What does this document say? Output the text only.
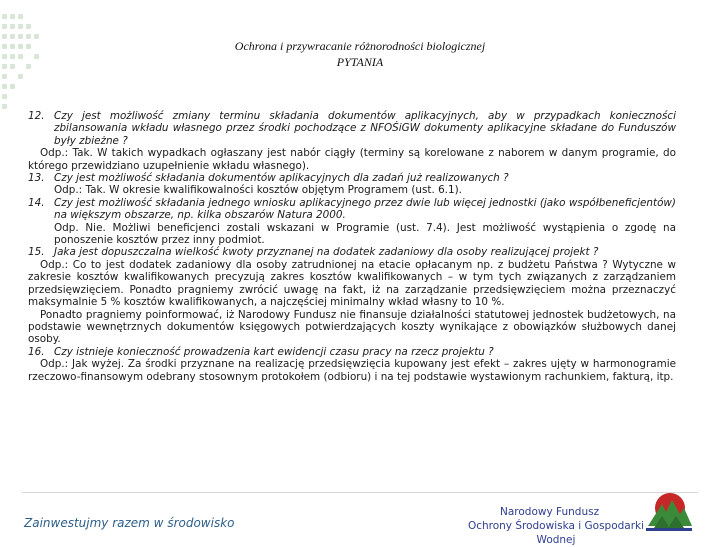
Ochrona i przywracanie różnorodności biologicznej
PYTANIA
12. Czy jest możliwość zmiany terminu składania dokumentów aplikacyjnych, aby w przypadkach konieczności zbilansowania wkładu własnego przez środki pochodzące z NFOŚiGW dokumenty aplikacyjne składane do Funduszów były zbieżne ?
Odp.: Tak. W takich wypadkach ogłaszany jest nabór ciągły (terminy są korelowane z naborem w danym programie, do którego przewidziano uzupełnienie wkładu własnego).
13. Czy jest możliwość składania dokumentów aplikacyjnych dla zadań już realizowanych ?
Odp.: Tak. W okresie kwalifikowalności kosztów objętym Programem (ust. 6.1).
14. Czy jest możliwość składania jednego wniosku aplikacyjnego przez dwie lub więcej jednostki (jako współbeneficjentów) na większym obszarze, np. kilka obszarów Natura 2000.
Odp. Nie. Możliwi beneficjenci zostali wskazani w Programie (ust. 7.4). Jest możliwość wystąpienia o zgodę na ponoszenie kosztów przez inny podmiot.
15. Jaka jest dopuszczalna wielkość kwoty przyznanej na dodatek zadaniowy dla osoby realizującej projekt ?
Odp.: Co to jest dodatek zadaniowy dla osoby zatrudnionej na etacie opłacanym np. z budżetu Państwa ? Wytyczne w zakresie kosztów kwalifikowanych precyzują zakres kosztów kwalifikowanych – w tym tych związanych z zarządzaniem przedsięwzięciem. Ponadto pragniemy zwrócić uwagę na fakt, iż na zarządzanie przedsięwzięciem można przeznaczyć maksymalnie 5 % kosztów kwalifikowanych, a najczęściej minimalny wkład własny to 10 %.
Ponadto pragniemy poinformować, iż Narodowy Fundusz nie finansuje działalności statutowej jednostek budżetowych, na podstawie wewnętrznych dokumentów księgowych potwierdzających koszty wynikające z obowiązków służbowych danej osoby.
16. Czy istnieje konieczność prowadzenia kart ewidencji czasu pracy na rzecz projektu ?
Odp.: Jak wyżej. Za środki przyznane na realizację przedsięwzięcia kupowany jest efekt – zakres ujęty w harmonogramie rzeczowo-finansowym odebrany stosownym protokołem (odbioru) i na tej podstawie wystawionym rachunkiem, fakturą, itp.
Zainwestujmy razem w środowisko
Narodowy Fundusz
Ochrony Środowiska i Gospodarki Wodnej
